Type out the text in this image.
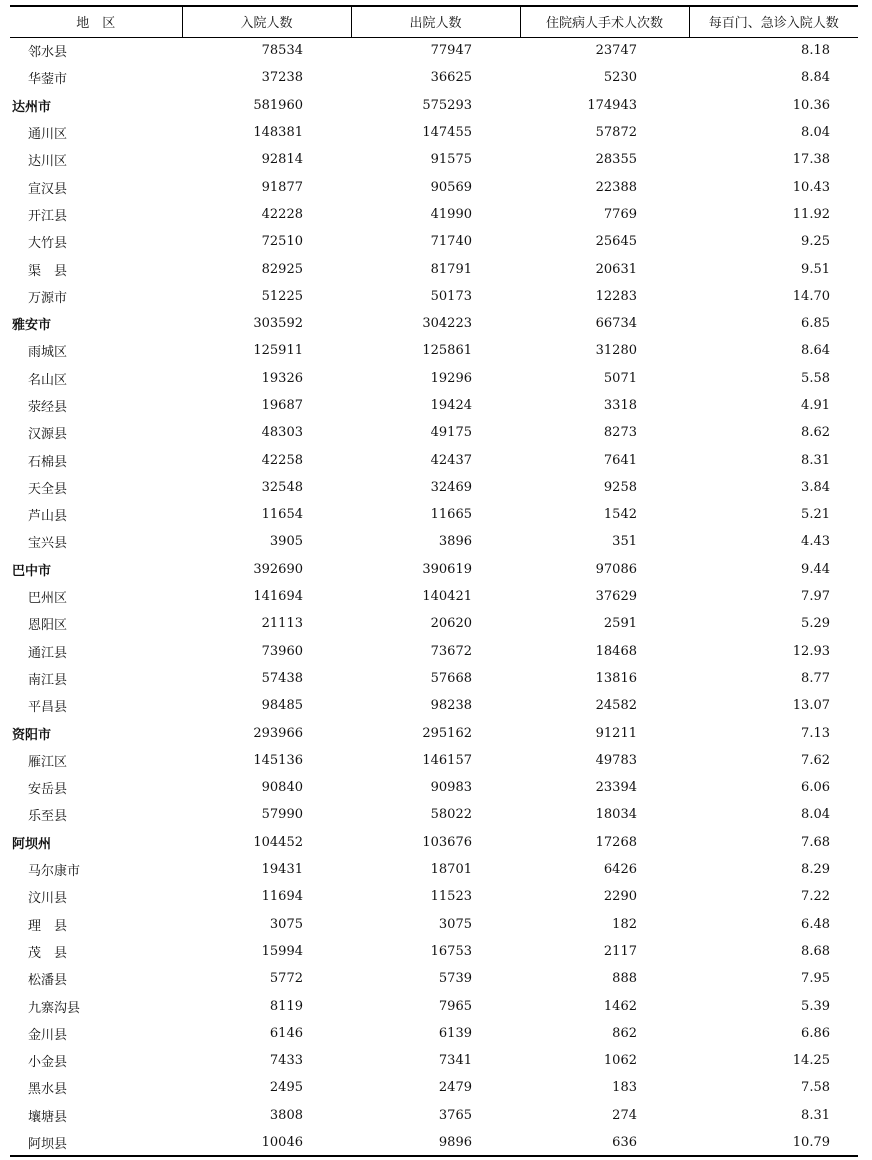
地　区	入院人数	出院人数	住院病人手术人次数	每百门、急诊入院人数
邻水县	78534	77947	23747	8.18
华蓥市	37238	36625	5230	8.84
达州市	581960	575293	174943	10.36
通川区	148381	147455	57872	8.04
达川区	92814	91575	28355	17.38
宣汉县	91877	90569	22388	10.43
开江县	42228	41990	7769	11.92
大竹县	72510	71740	25645	9.25
渠　县	82925	81791	20631	9.51
万源市	51225	50173	12283	14.70
雅安市	303592	304223	66734	6.85
雨城区	125911	125861	31280	8.64
名山区	19326	19296	5071	5.58
荥经县	19687	19424	3318	4.91
汉源县	48303	49175	8273	8.62
石棉县	42258	42437	7641	8.31
天全县	32548	32469	9258	3.84
芦山县	11654	11665	1542	5.21
宝兴县	3905	3896	351	4.43
巴中市	392690	390619	97086	9.44
巴州区	141694	140421	37629	7.97
恩阳区	21113	20620	2591	5.29
通江县	73960	73672	18468	12.93
南江县	57438	57668	13816	8.77
平昌县	98485	98238	24582	13.07
资阳市	293966	295162	91211	7.13
雁江区	145136	146157	49783	7.62
安岳县	90840	90983	23394	6.06
乐至县	57990	58022	18034	8.04
阿坝州	104452	103676	17268	7.68
马尔康市	19431	18701	6426	8.29
汶川县	11694	11523	2290	7.22
理　县	3075	3075	182	6.48
茂　县	15994	16753	2117	8.68
松潘县	5772	5739	888	7.95
九寨沟县	8119	7965	1462	5.39
金川县	6146	6139	862	6.86
小金县	7433	7341	1062	14.25
黑水县	2495	2479	183	7.58
壤塘县	3808	3765	274	8.31
阿坝县	10046	9896	636	10.79
